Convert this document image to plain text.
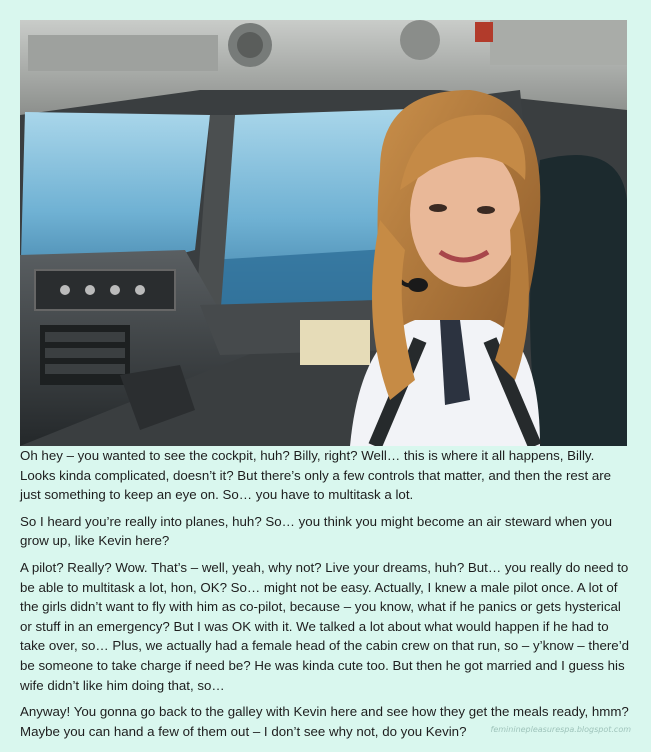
Oh hey – you wanted to see the cockpit, huh? Billy, right? Well… this is where it all happens, Billy. Looks kinda complicated, doesn’t it? But there’s only a few controls that matter, and then the rest are just something to keep an eye on. So… you have to multitask a lot.

So I heard you’re really into planes, huh? So… you think you might become an air steward when you grow up, like Kevin here?

A pilot? Really? Wow. That’s – well, yeah, why not? Live your dreams, huh? But… you really do need to be able to multitask a lot, hon, OK? So… might not be easy. Actually, I knew a male pilot once. A lot of the girls didn’t want to fly with him as co-pilot, because – you know, what if he panics or gets hysterical or stuff in an emergency? But I was OK with it. We talked a lot about what would happen if he had to take over, so… Plus, we actually had a female head of the cabin crew on that run, so – y’know – there’d be someone to take charge if need be? He was kinda cute too. But then he got married and I guess his wife didn’t like him doing that, so…

Anyway! You gonna go back to the galley with Kevin here and see how they get the meals ready, hmm? Maybe you can hand a few of them out – I don’t see why not, do you Kevin?	femininepleasurespa.blogspot.com
